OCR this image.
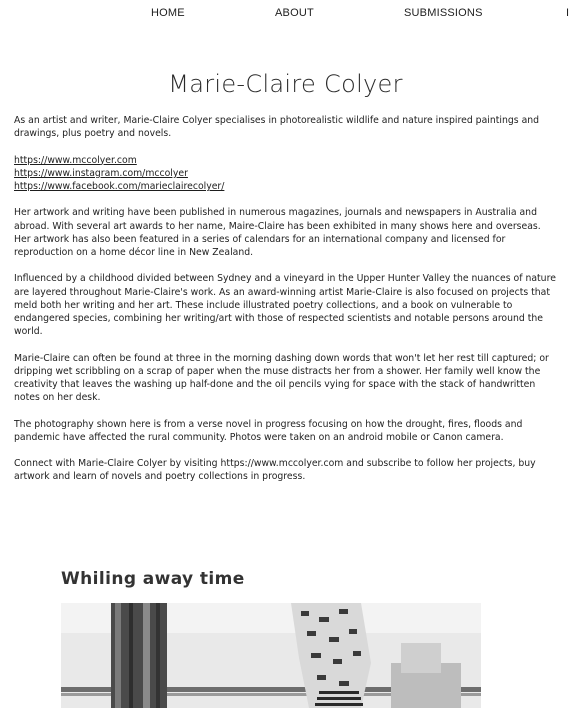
HOME	ABOUT	SUBMISSIONS	I
Marie-Claire Colyer

As an artist and writer, Marie-Claire Colyer specialises in photorealistic wildlife and nature inspired paintings and drawings, plus poetry and novels.

https://www.mccolyer.com
https://www.instagram.com/mccolyer
https://www.facebook.com/marieclairecolyer/

Her artwork and writing have been published in numerous magazines, journals and newspapers in Australia and abroad. With several art awards to her name, Maire-Claire has been exhibited in many shows here and overseas. Her artwork has also been featured in a series of calendars for an international company and licensed for reproduction on a home décor line in New Zealand.

Influenced by a childhood divided between Sydney and a vineyard in the Upper Hunter Valley the nuances of nature are layered throughout Marie-Claire's work. As an award-winning artist Marie-Claire is also focused on projects that meld both her writing and her art. These include illustrated poetry collections, and a book on vulnerable to endangered species, combining her writing/art with those of respected scientists and notable persons around the world.

Marie-Claire can often be found at three in the morning dashing down words that won't let her rest till captured; or dripping wet scribbling on a scrap of paper when the muse distracts her from a shower. Her family well know the creativity that leaves the washing up half-done and the oil pencils vying for space with the stack of handwritten notes on her desk.

The photography shown here is from a verse novel in progress focusing on how the drought, fires, floods and pandemic have affected the rural community. Photos were taken on an android mobile or Canon camera.

Connect with Marie-Claire Colyer by visiting https://www.mccolyer.com and subscribe to follow her projects, buy artwork and learn of novels and poetry collections in progress.

Whiling away time
